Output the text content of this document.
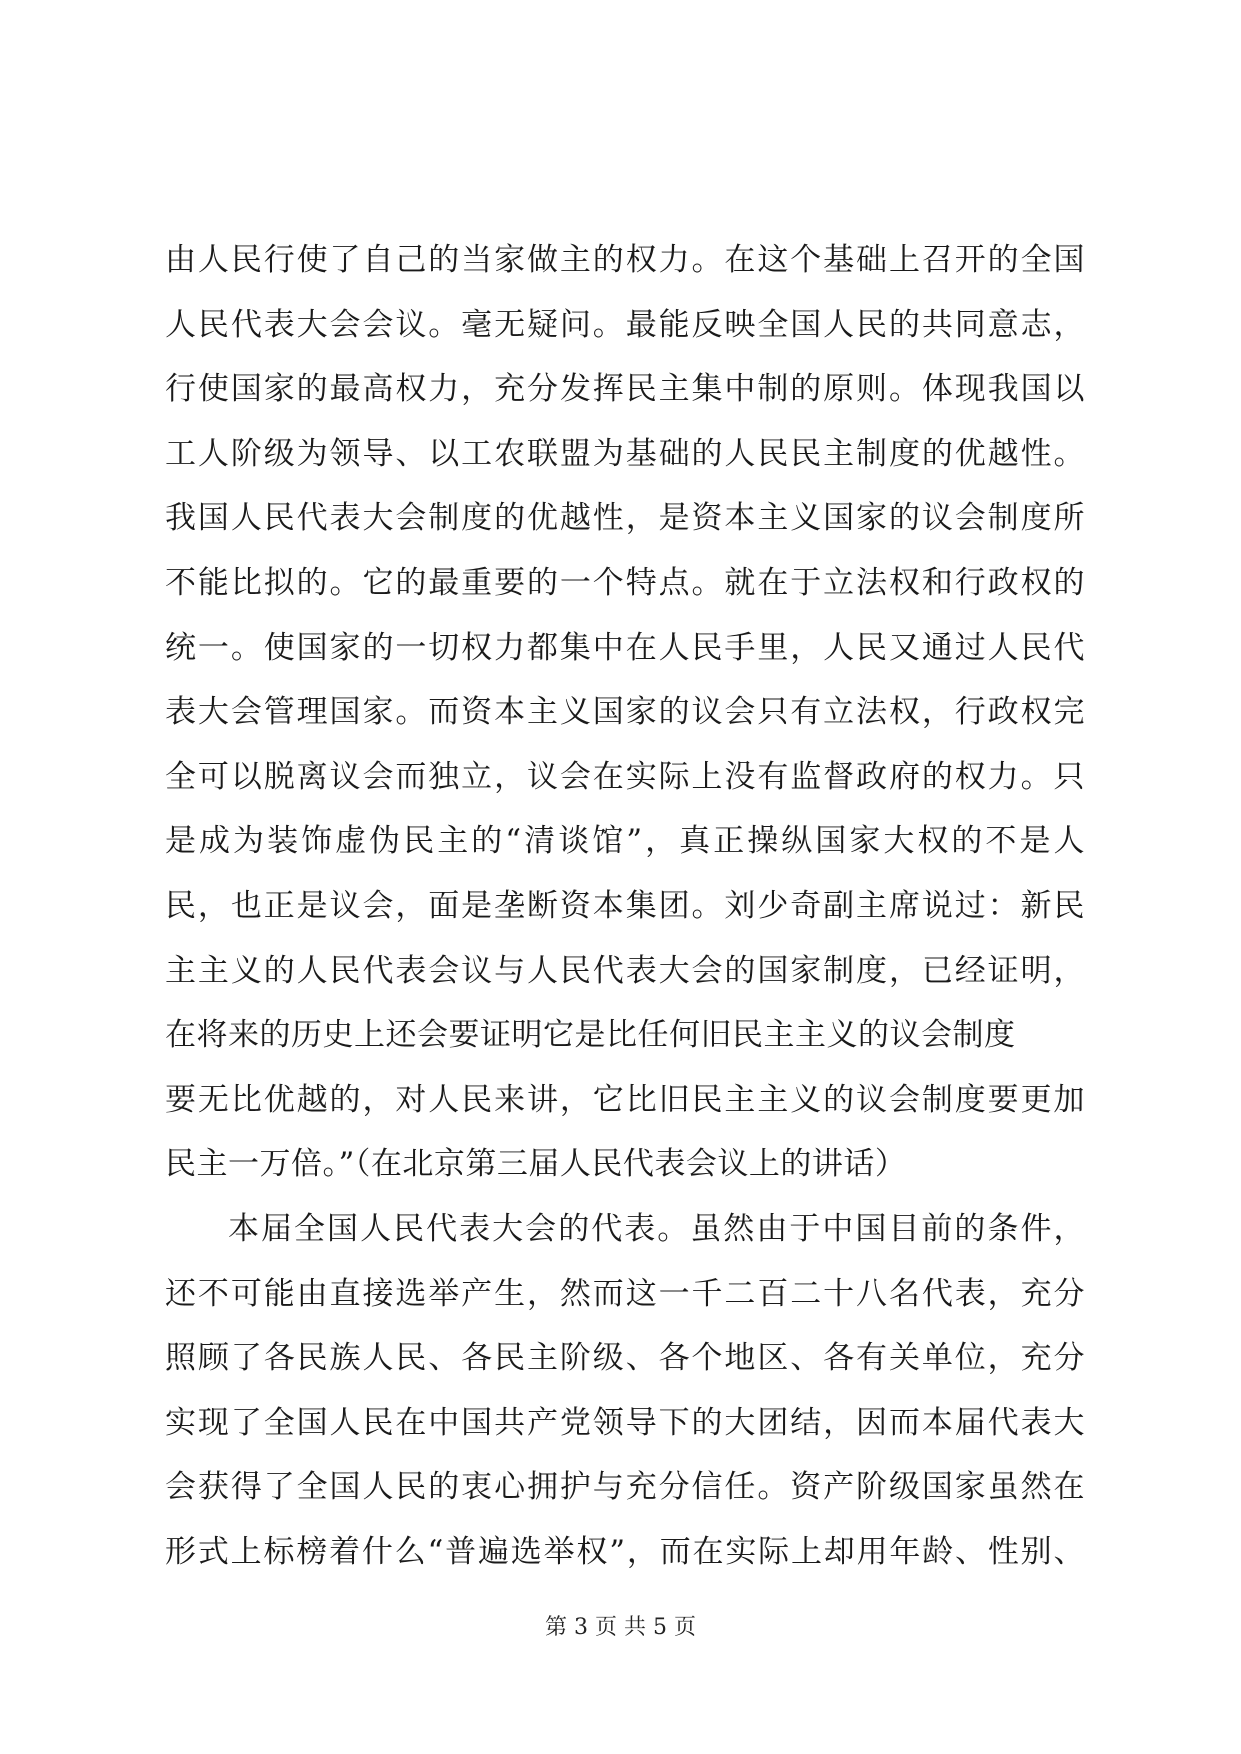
由人民行使了自己的当家做主的权力。在这个基础上召开的全国
人民代表大会会议。毫无疑问。最能反映全国人民的共同意志，
行使国家的最高权力，充分发挥民主集中制的原则。体现我国以
工人阶级为领导、以工农联盟为基础的人民民主制度的优越性。
我国人民代表大会制度的优越性，是资本主义国家的议会制度所
不能比拟的。它的最重要的一个特点。就在于立法权和行政权的
统一。使国家的一切权力都集中在人民手里，人民又通过人民代
表大会管理国家。而资本主义国家的议会只有立法权，行政权完
全可以脱离议会而独立，议会在实际上没有监督政府的权力。只
是成为装饰虚伪民主的“清谈馆”，真正操纵国家大权的不是人
民，也正是议会，面是垄断资本集团。刘少奇副主席说过：新民
主主义的人民代表会议与人民代表大会的国家制度，已经证明，
在将来的历史上还会要证明它是比任何旧民主主义的议会制度
要无比优越的，对人民来讲，它比旧民主主义的议会制度要更加
民主一万倍。”（在北京第三届人民代表会议上的讲话）
本届全国人民代表大会的代表。虽然由于中国目前的条件，
还不可能由直接选举产生，然而这一千二百二十八名代表，充分
照顾了各民族人民、各民主阶级、各个地区、各有关单位，充分
实现了全国人民在中国共产党领导下的大团结，因而本届代表大
会获得了全国人民的衷心拥护与充分信任。资产阶级国家虽然在
形式上标榜着什么“普遍选举权”，而在实际上却用年龄、性别、
第 3 页 共 5 页
